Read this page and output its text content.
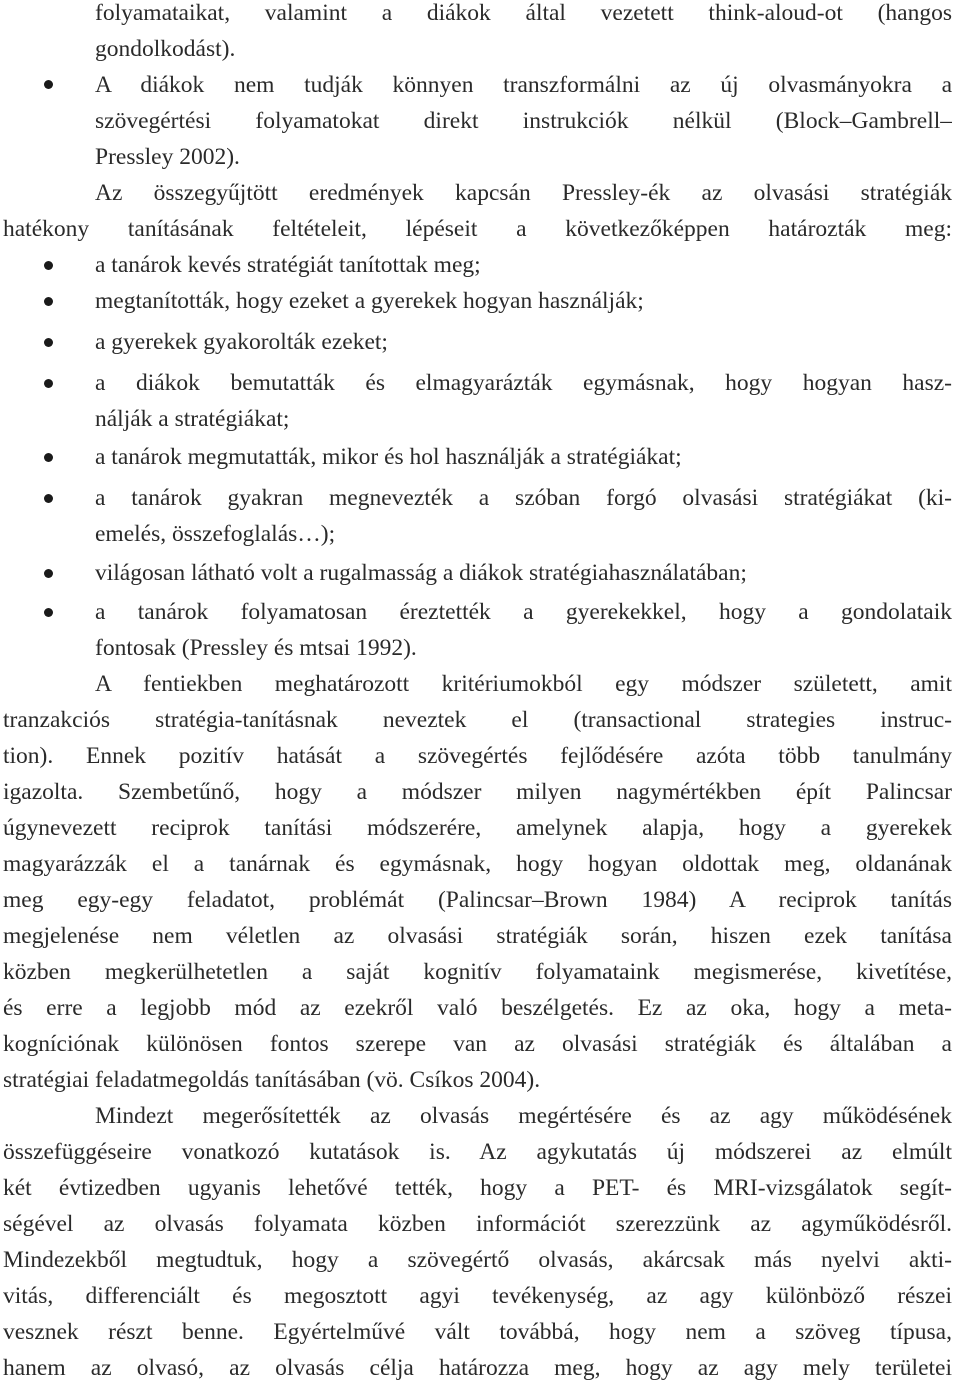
folyamataikat, valamint a diákok által vezetett think-aloud-ot (hangos
gondolkodást).
A diákok nem tudják könnyen transzformálni az új olvasmányokra a
szövegértési folyamatokat direkt instrukciók nélkül (Block–Gambrell–
Pressley 2002).
Az összegyűjtött eredmények kapcsán Pressley-ék az olvasási stratégiák
hatékony tanításának feltételeit, lépéseit a következőképpen határozták meg:
a tanárok kevés stratégiát tanítottak meg;
megtanították, hogy ezeket a gyerekek hogyan használják;
a gyerekek gyakorolták ezeket;
a diákok bemutatták és elmagyarázták egymásnak, hogy hogyan hasz-
nálják a stratégiákat;
a tanárok megmutatták, mikor és hol használják a stratégiákat;
a tanárok gyakran megnevezték a szóban forgó olvasási stratégiákat (ki-
emelés, összefoglalás…);
világosan látható volt a rugalmasság a diákok stratégiahasználatában;
a tanárok folyamatosan éreztették a gyerekekkel, hogy a gondolataik
fontosak (Pressley és mtsai 1992).
A fentiekben meghatározott kritériumokból egy módszer született, amit
tranzakciós stratégia-tanításnak neveztek el (transactional strategies instruc-
tion). Ennek pozitív hatását a szövegértés fejlődésére azóta több tanulmány
igazolta. Szembetűnő, hogy a módszer milyen nagymértékben épít Palincsar
úgynevezett reciprok tanítási módszerére, amelynek alapja, hogy a gyerekek
magyarázzák el a tanárnak és egymásnak, hogy hogyan oldottak meg, oldanának
meg egy-egy feladatot, problémát (Palincsar–Brown 1984) A reciprok tanítás
megjelenése nem véletlen az olvasási stratégiák során, hiszen ezek tanítása
közben megkerülhetetlen a saját kognitív folyamataink megismerése, kivetítése,
és erre a legjobb mód az ezekről való beszélgetés. Ez az oka, hogy a meta-
kogníciónak különösen fontos szerepe van az olvasási stratégiák és általában a
stratégiai feladatmegoldás tanításában (vö. Csíkos 2004).
Mindezt megerősítették az olvasás megértésére és az agy működésének
összefüggéseire vonatkozó kutatások is. Az agykutatás új módszerei az elmúlt
két évtizedben ugyanis lehetővé tették, hogy a PET- és MRI-vizsgálatok segít-
ségével az olvasás folyamata közben információt szerezzünk az agyműködésről.
Mindezekből megtudtuk, hogy a szövegértő olvasás, akárcsak más nyelvi akti-
vitás, differenciált és megosztott agyi tevékenység, az agy különböző részei
vesznek részt benne. Egyértelművé vált továbbá, hogy nem a szöveg típusa,
hanem az olvasó, az olvasás célja határozza meg, hogy az agy mely területei
